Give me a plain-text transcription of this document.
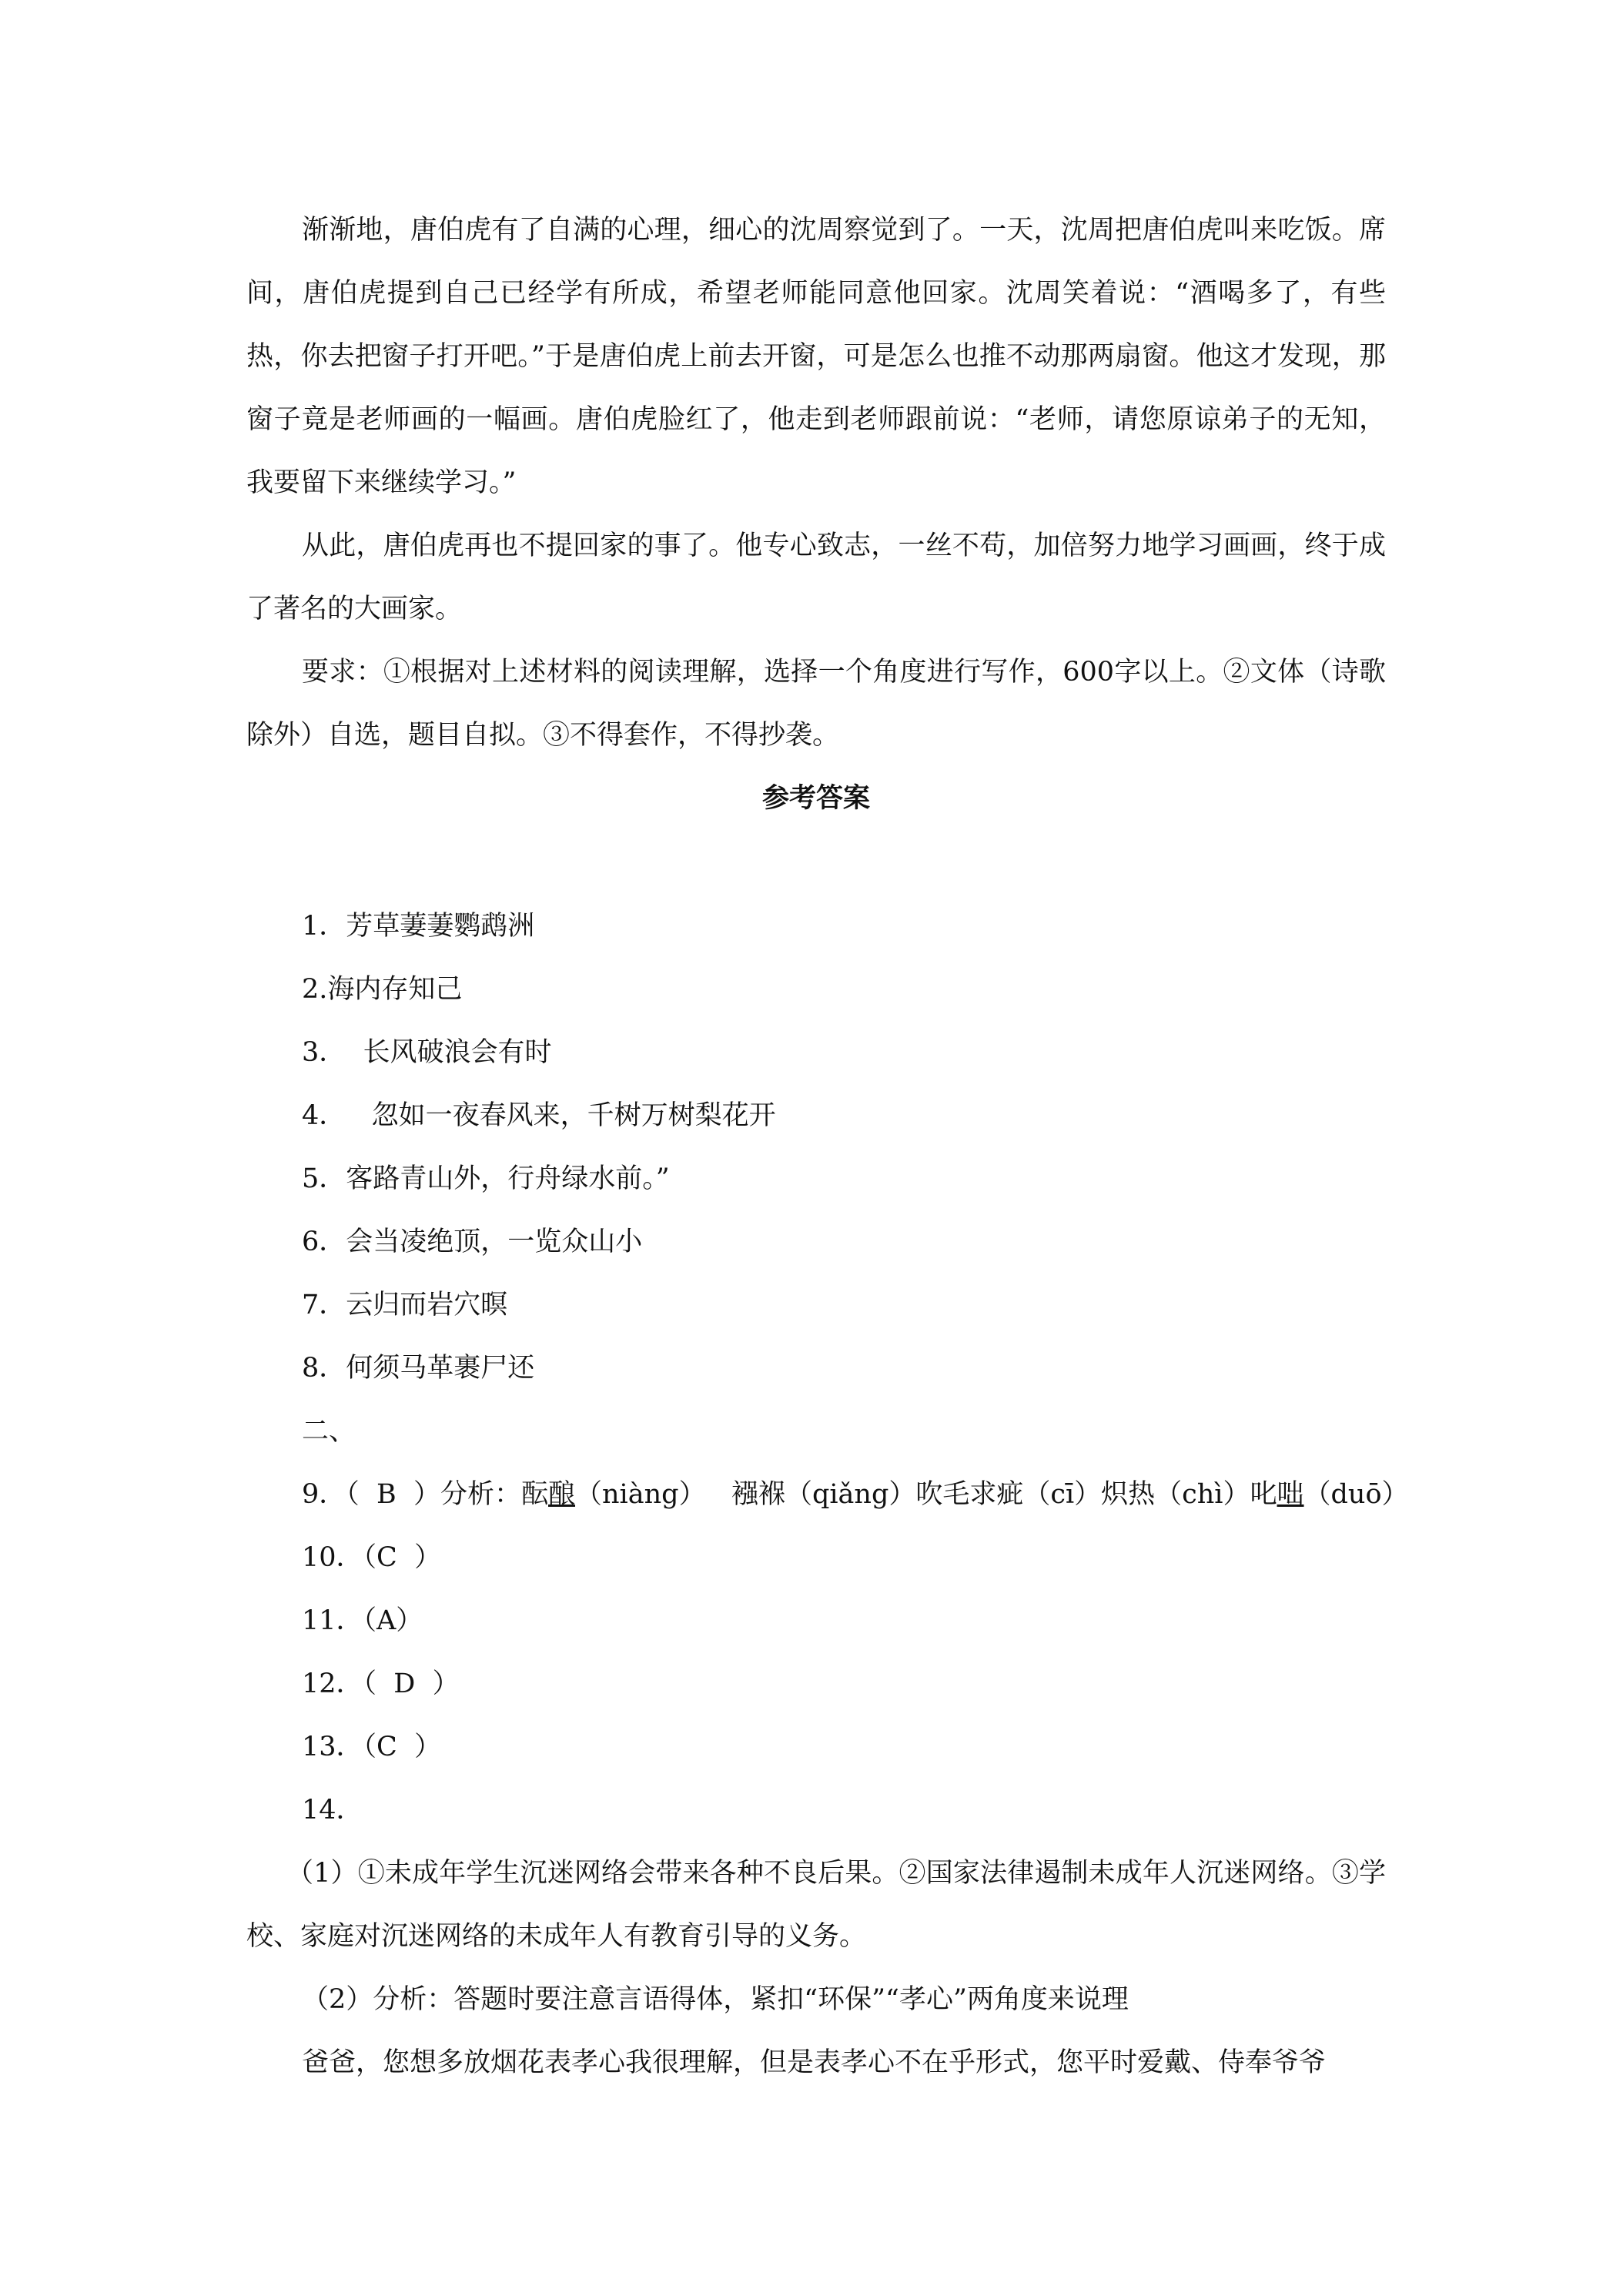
渐渐地，唐伯虎有了自满的心理，细心的沈周察觉到了。一天，沈周把唐伯虎叫来吃饭。席间，唐伯虎提到自己已经学有所成，希望老师能同意他回家。沈周笑着说：“酒喝多了，有些热，你去把窗子打开吧。”于是唐伯虎上前去开窗，可是怎么也推不动那两扇窗。他这才发现，那窗子竟是老师画的一幅画。唐伯虎脸红了，他走到老师跟前说：“老师，请您原谅弟子的无知，我要留下来继续学习。”

从此，唐伯虎再也不提回家的事了。他专心致志，一丝不苟，加倍努力地学习画画，终于成了著名的大画家。

要求：①根据对上述材料的阅读理解，选择一个角度进行写作，600字以上。②文体（诗歌除外）自选，题目自拟。③不得套作，不得抄袭。

参考答案

1．芳草萋萋鹦鹉洲

2.海内存知己

3．  长风破浪会有时

4．   忽如一夜春风来，千树万树梨花开

5．客路青山外，行舟绿水前。”

6．会当凌绝顶，一览众山小

7．云归而岩穴暝

8．何须马革裹尸还

二、

9．（  B  ）分析：酝酿（niàng）   襁褓（qiǎng）吹毛求疵（cī）炽热（chì）叱咄（duō）

10．（C  ）

11．（A）

12．（  D  ）

13．（C  ）

14．

（1）①未成年学生沉迷网络会带来各种不良后果。②国家法律遏制未成年人沉迷网络。③学校、家庭对沉迷网络的未成年人有教育引导的义务。

（2）分析：答题时要注意言语得体，紧扣“环保”“孝心”两角度来说理

爸爸，您想多放烟花表孝心我很理解，但是表孝心不在乎形式，您平时爱戴、侍奉爷爷
